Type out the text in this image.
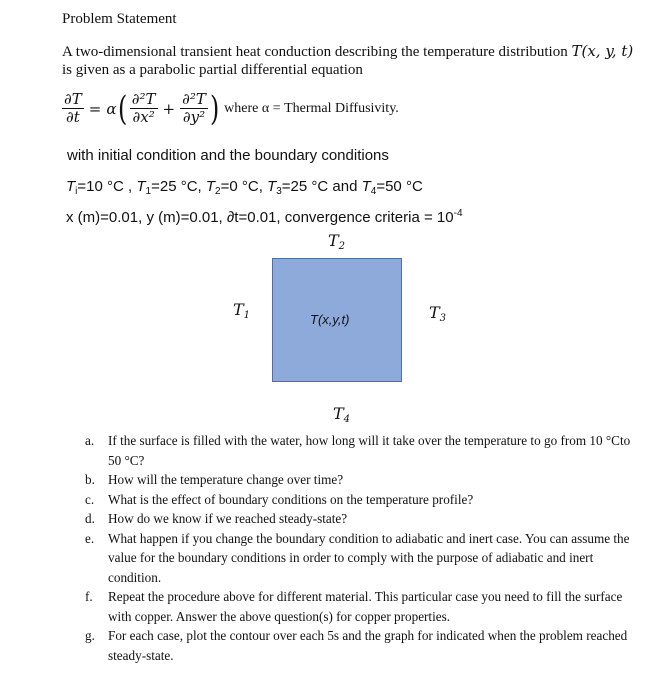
Problem Statement
A two-dimensional transient heat conduction describing the temperature distribution T(x, y, t)
is given as a parabolic partial differential equation
$\frac{\partial T}{\partial t} = \alpha$ ( $\frac{\text{∂²T}}{\text{∂x²}} + \frac{\text{∂²T}}{\text{∂y²}}$ ) where α = Thermal Diffusivity.
with initial condition and the boundary conditions
$T_i=10$ °C , $T_1=25$ °C, $T_2=0$ °C, $T_3=25$ °C and $T_4=50$ °C
x (m)=0.01, y (m)=0.01, ∂t=0.01, convergence criteria = $10^{-4}$
$T_2$
$T_1$	$T_3$
$T_4$
T(x,y,t)
a.	If the surface is filled with the water, how long will it take over the temperature to go from 10 °Cto 50 °C?
b. How will the temperature change over time?
c.	What is the effect of boundary conditions on the temperature profile?
d. How do we know if we reached steady-state?
e.	What happen if you change the boundary condition to adiabatic and inert case. You can assume the value for the boundary conditions in order to comply with the purpose of adiabatic and inert condition.
f.	Repeat the procedure above for different material. This particular case you need to fill the surface with copper. Answer the above question(s) for copper properties.
g. For each case, plot the contour over each 5s and the graph for indicated when the problem reached steady-state.
